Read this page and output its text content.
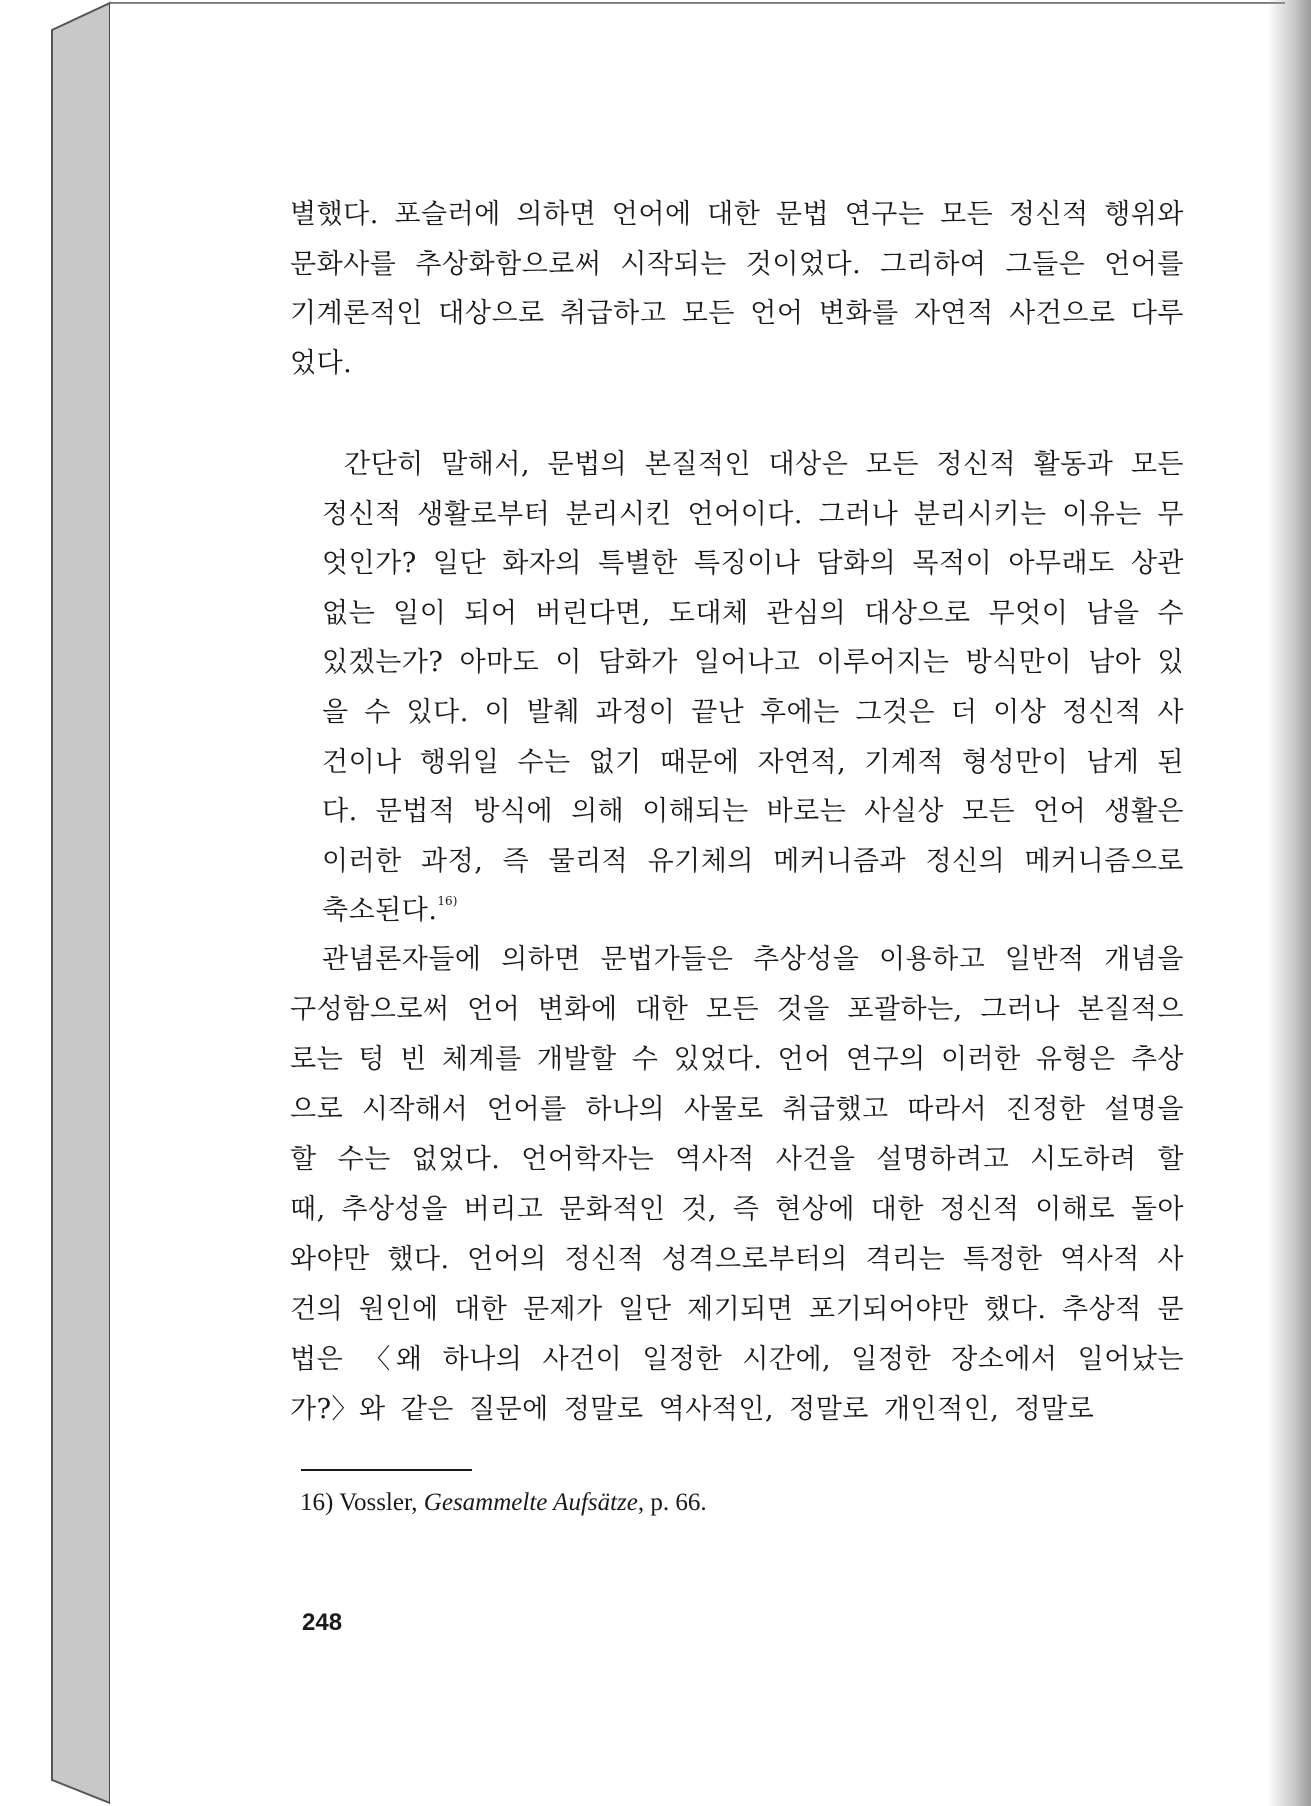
별했다. 포슬러에 의하면 언어에 대한 문법 연구는 모든 정신적 행위와 문화사를 추상화함으로써 시작되는 것이었다. 그리하여 그들은 언어를 기계론적인 대상으로 취급하고 모든 언어 변화를 자연적 사건으로 다루었다.

간단히 말해서, 문법의 본질적인 대상은 모든 정신적 활동과 모든 정신적 생활로부터 분리시킨 언어이다. 그러나 분리시키는 이유는 무엇인가? 일단 화자의 특별한 특징이나 담화의 목적이 아무래도 상관없는 일이 되어 버린다면, 도대체 관심의 대상으로 무엇이 남을 수 있겠는가? 아마도 이 담화가 일어나고 이루어지는 방식만이 남아 있을 수 있다. 이 발췌 과정이 끝난 후에는 그것은 더 이상 정신적 사건이나 행위일 수는 없기 때문에 자연적, 기계적 형성만이 남게 된다. 문법적 방식에 의해 이해되는 바로는 사실상 모든 언어 생활은 이러한 과정, 즉 물리적 유기체의 메커니즘과 정신의 메커니즘으로 축소된다.$^{16)}$

관념론자들에 의하면 문법가들은 추상성을 이용하고 일반적 개념을 구성함으로써 언어 변화에 대한 모든 것을 포괄하는, 그러나 본질적으로는 텅 빈 체계를 개발할 수 있었다. 언어 연구의 이러한 유형은 추상으로 시작해서 언어를 하나의 사물로 취급했고 따라서 진정한 설명을 할 수는 없었다. 언어학자는 역사적 사건을 설명하려고 시도하려 할 때, 추상성을 버리고 문화적인 것, 즉 현상에 대한 정신적 이해로 돌아와야만 했다. 언어의 정신적 성격으로부터의 격리는 특정한 역사적 사건의 원인에 대한 문제가 일단 제기되면 포기되어야만 했다. 추상적 문법은 〈왜 하나의 사건이 일정한 시간에, 일정한 장소에서 일어났는가?〉와 같은 질문에 정말로 역사적인, 정말로 개인적인, 정말로

16) Vossler, Gesammelte Aufsätze, p. 66.
248
